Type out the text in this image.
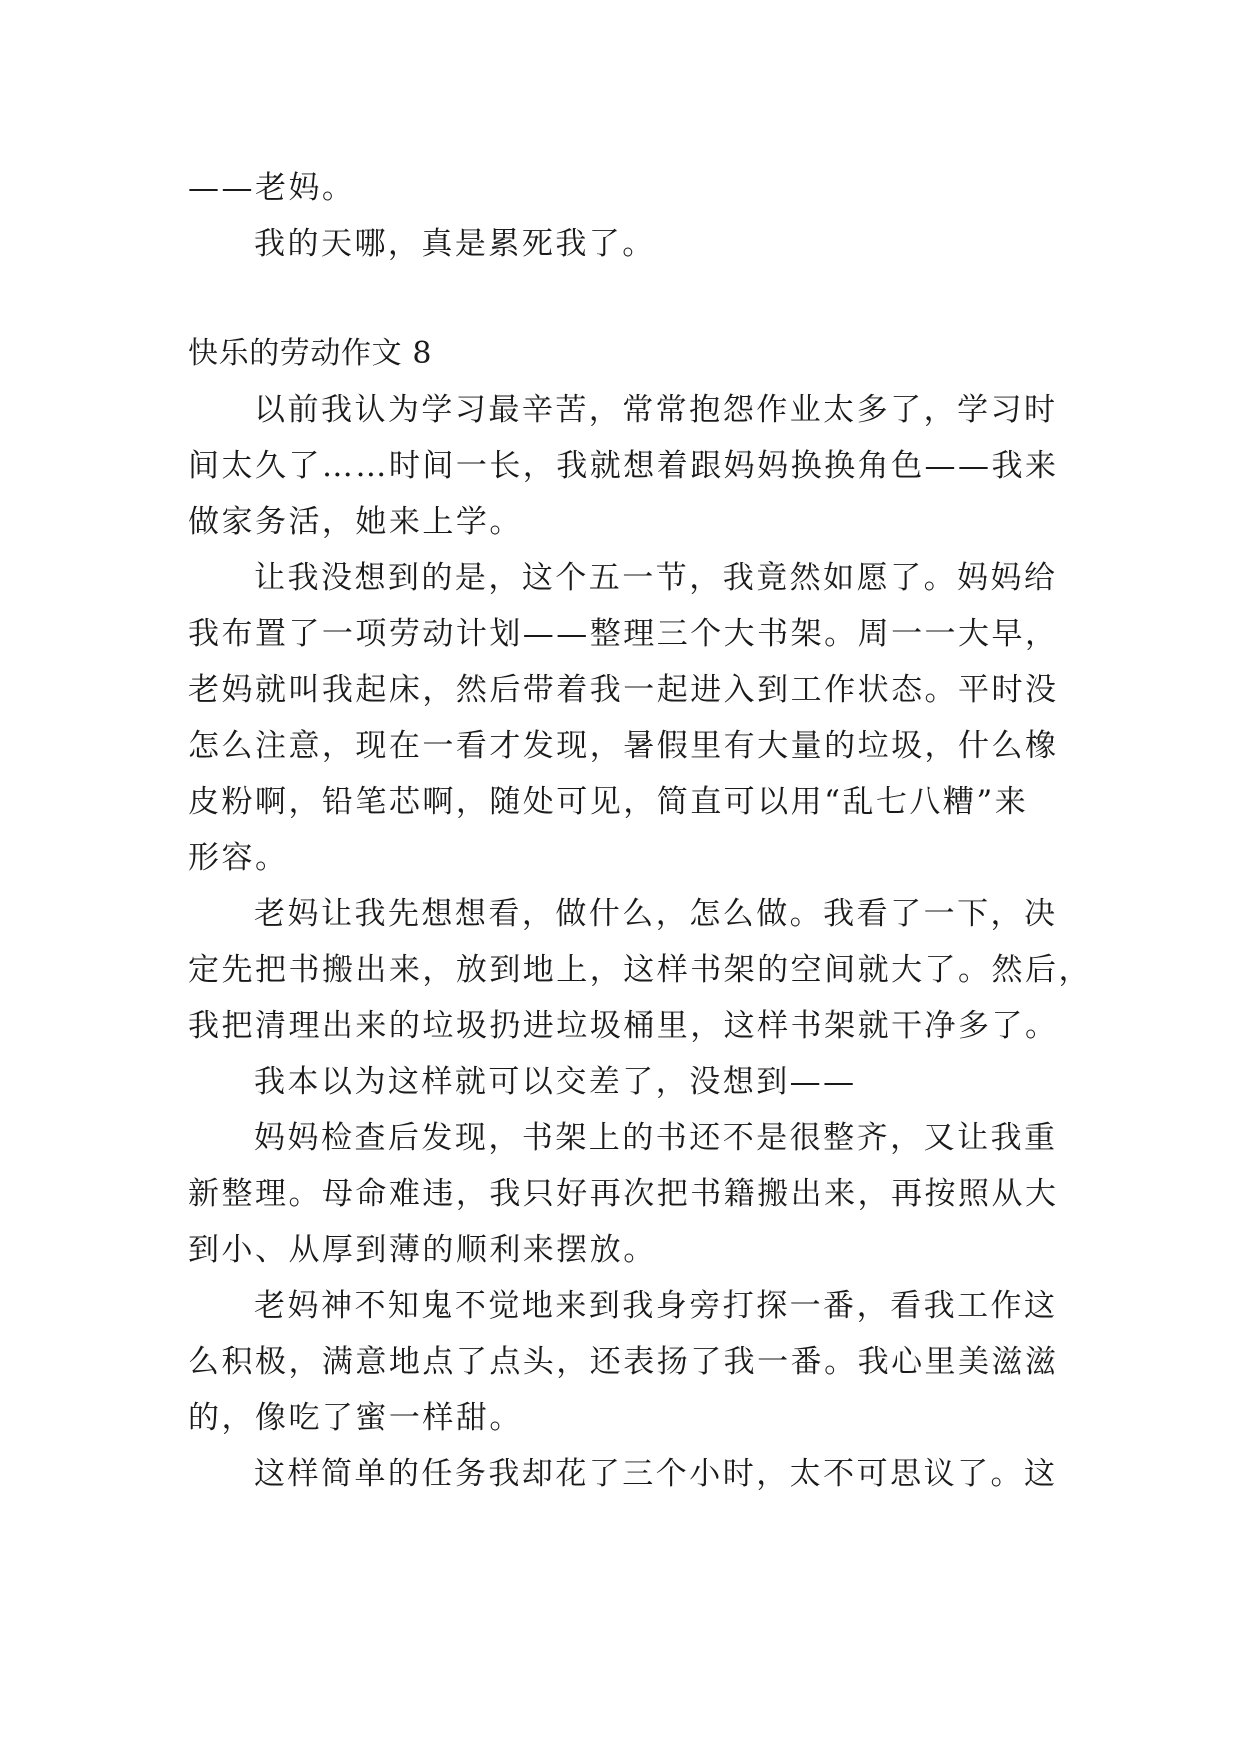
——老妈。
我的天哪，真是累死我了。
快乐的劳动作文 8
以前我认为学习最辛苦，常常抱怨作业太多了，学习时
间太久了……时间一长，我就想着跟妈妈换换角色——我来
做家务活，她来上学。
让我没想到的是，这个五一节，我竟然如愿了。妈妈给
我布置了一项劳动计划——整理三个大书架。周一一大早，
老妈就叫我起床，然后带着我一起进入到工作状态。平时没
怎么注意，现在一看才发现，暑假里有大量的垃圾，什么橡
皮粉啊，铅笔芯啊，随处可见，简直可以用“乱七八糟”来
形容。
老妈让我先想想看，做什么，怎么做。我看了一下，决
定先把书搬出来，放到地上，这样书架的空间就大了。然后，
我把清理出来的垃圾扔进垃圾桶里，这样书架就干净多了。
我本以为这样就可以交差了，没想到——
妈妈检查后发现，书架上的书还不是很整齐，又让我重
新整理。母命难违，我只好再次把书籍搬出来，再按照从大
到小、从厚到薄的顺利来摆放。
老妈神不知鬼不觉地来到我身旁打探一番，看我工作这
么积极，满意地点了点头，还表扬了我一番。我心里美滋滋
的，像吃了蜜一样甜。
这样简单的任务我却花了三个小时，太不可思议了。这
